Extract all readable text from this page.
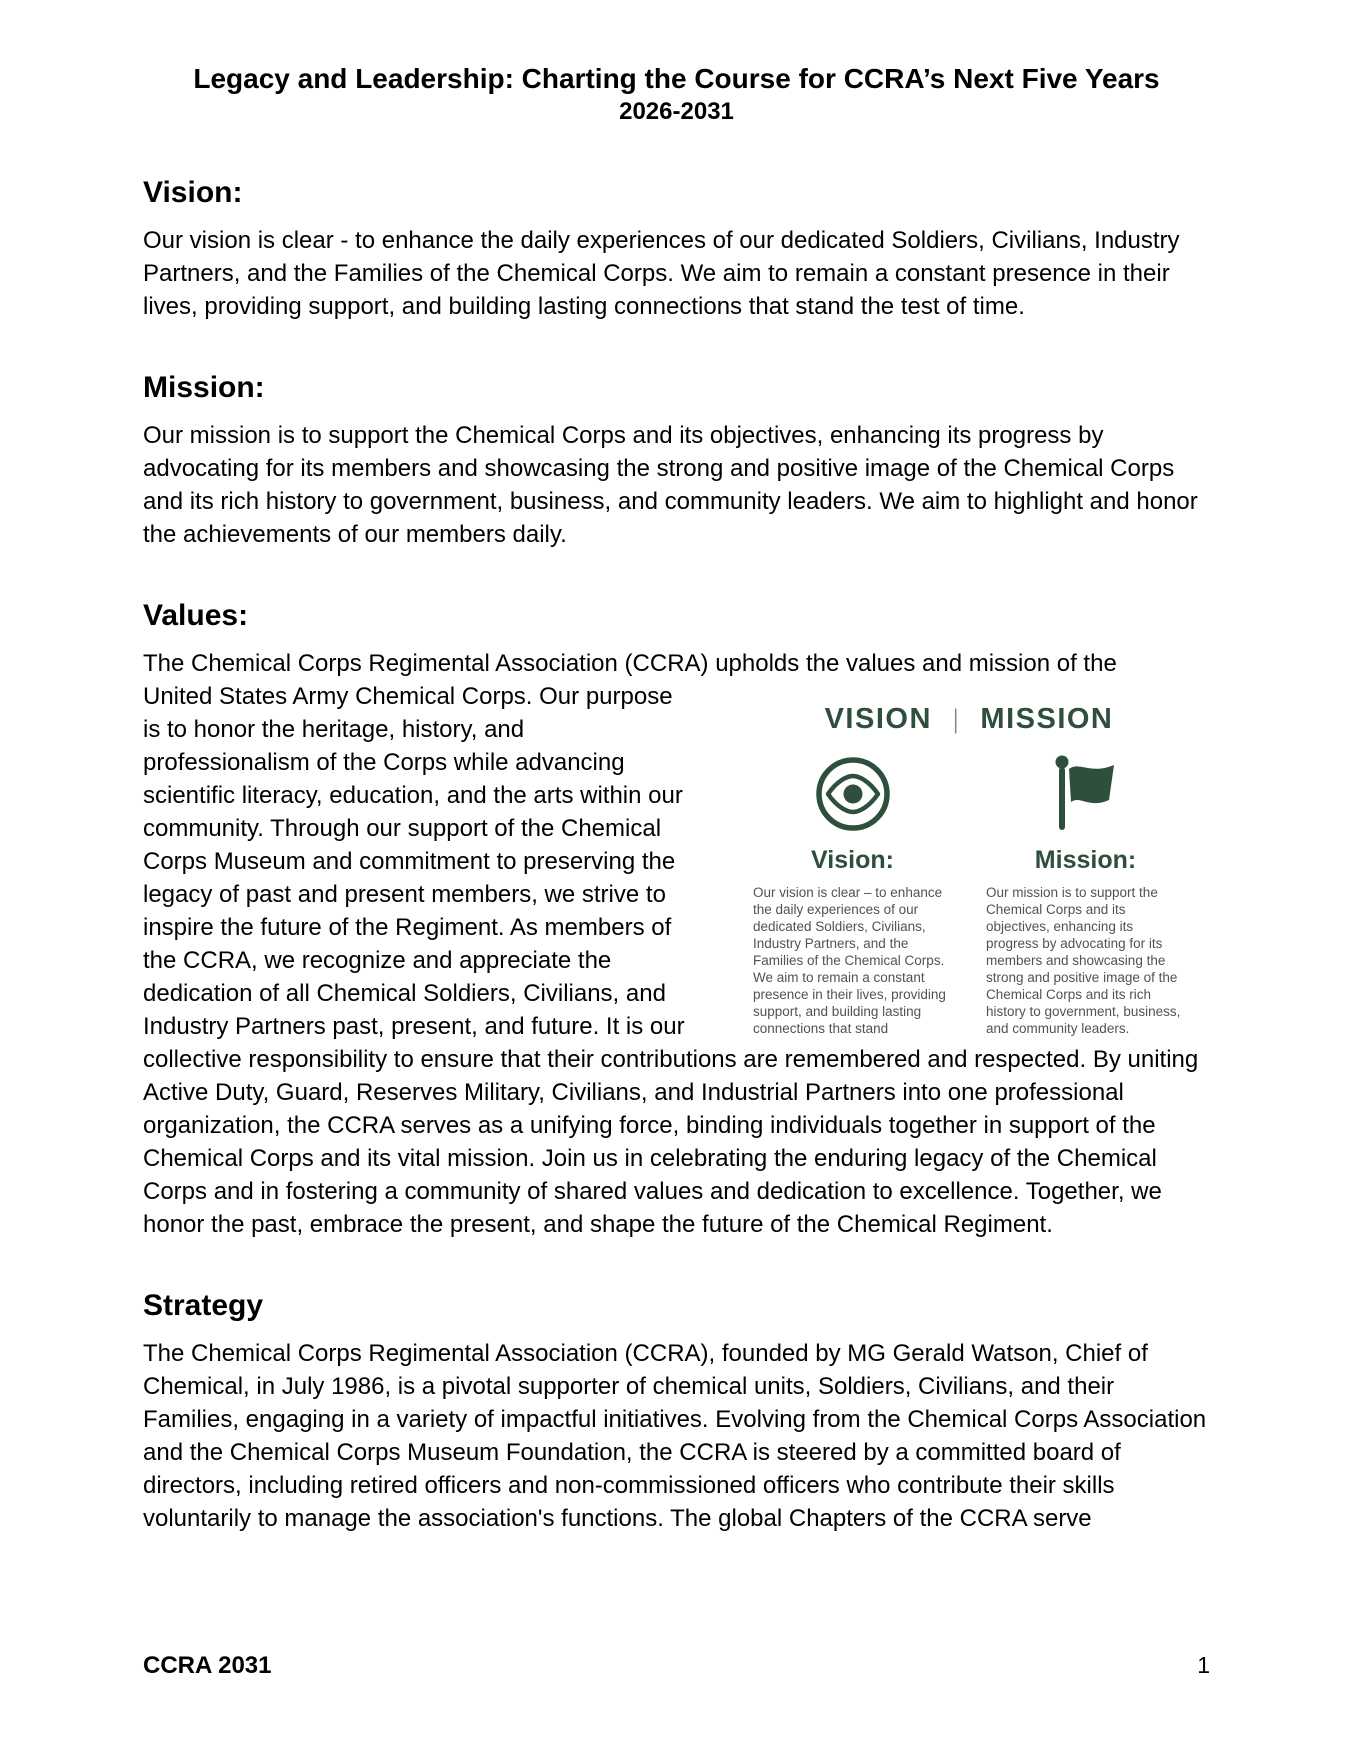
Legacy and Leadership: Charting the Course for CCRA’s Next Five Years
2026-2031
Vision:

Our vision is clear - to enhance the daily experiences of our dedicated Soldiers, Civilians, Industry Partners, and the Families of the Chemical Corps. We aim to remain a constant presence in their lives, providing support, and building lasting connections that stand the test of time.

Mission:

Our mission is to support the Chemical Corps and its objectives, enhancing its progress by advocating for its members and showcasing the strong and positive image of the Chemical Corps and its rich history to government, business, and community leaders. We aim to highlight and honor the achievements of our members daily.

Values:

The Chemical Corps Regimental Association (CCRA) upholds the values and mission of the

VISION | MISSION
Vision:
Our vision is clear – to enhance the daily experiences of our dedicated Soldiers, Civilians, Industry Partners, and the Families of the Chemical Corps. We aim to remain a constant presence in their lives, providing support, and building lasting connections that stand
Mission:
Our mission is to support the Chemical Corps and its objectives, enhancing its progress by advocating for its members and showcasing the strong and positive image of the Chemical Corps and its rich history to government, business, and community leaders.
United States Army Chemical Corps. Our purpose is to honor the heritage, history, and professionalism of the Corps while advancing scientific literacy, education, and the arts within our community. Through our support of the Chemical Corps Museum and commitment to preserving the legacy of past and present members, we strive to inspire the future of the Regiment. As members of the CCRA, we recognize and appreciate the dedication of all Chemical Soldiers, Civilians, and Industry Partners past, present, and future. It is our collective responsibility to ensure that their contributions are remembered and respected. By uniting Active Duty, Guard, Reserves Military, Civilians, and Industrial Partners into one professional organization, the CCRA serves as a unifying force, binding individuals together in support of the Chemical Corps and its vital mission. Join us in celebrating the enduring legacy of the Chemical Corps and in fostering a community of shared values and dedication to excellence. Together, we honor the past, embrace the present, and shape the future of the Chemical Regiment.
Strategy

The Chemical Corps Regimental Association (CCRA), founded by MG Gerald Watson, Chief of Chemical, in July 1986, is a pivotal supporter of chemical units, Soldiers, Civilians, and their Families, engaging in a variety of impactful initiatives. Evolving from the Chemical Corps Association and the Chemical Corps Museum Foundation, the CCRA is steered by a committed board of directors, including retired officers and non-commissioned officers who contribute their skills voluntarily to manage the association's functions. The global Chapters of the CCRA serve

CCRA 2031	1
